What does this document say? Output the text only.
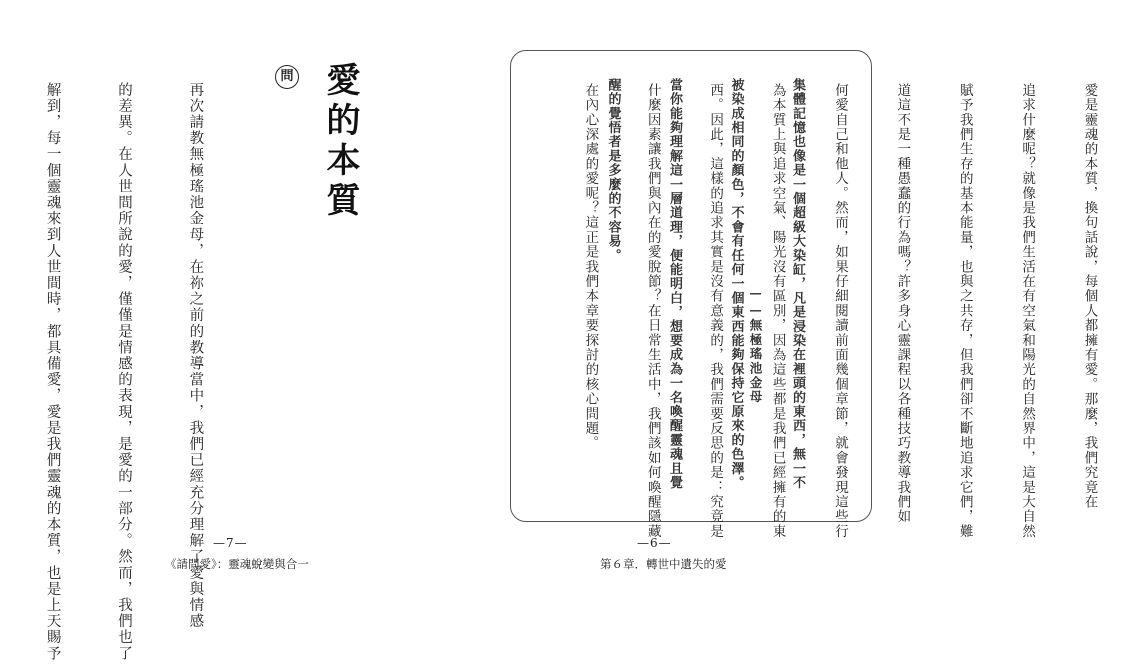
愛的本質
問

再次請教無極瑤池金母，在祢之前的教導當中，我們已經充分理解了愛與情感

的差異。在人世間所說的愛，僅僅是情感的表現，是愛的一部分。然而，我們也了

解到，每一個靈魂來到人世間時，都具備愛，愛是我們靈魂的本質，也是上天賜予

	—7—
《請問愛》：靈魂蛻變與合一

集體記憶也像是一個超級大染缸，凡是浸染在裡頭的東西，無一不

被染成相同的顏色，不會有任何一個東西能夠保持它原來的色澤。

當你能夠理解這一層道理，便能明白，想要成為一名喚醒靈魂且覺

醒的覺悟者是多麼的不容易。

——無極瑤池金母

	愛是靈魂的本質，換句話說，每個人都擁有愛。那麼，我們究竟在

追求什麼呢？就像是我們生活在有空氣和陽光的自然界中，這是大自然

賦予我們生存的基本能量，也與之共存，但我們卻不斷地追求它們，難

道這不是一種愚蠢的行為嗎？許多身心靈課程以各種技巧教導我們如

何愛自己和他人。然而，如果仔細閱讀前面幾個章節，就會發現這些行

為本質上與追求空氣、陽光沒有區別，因為這些都是我們已經擁有的東

西。因此，這樣的追求其實是沒有意義的，我們需要反思的是：究竟是

什麼因素讓我們與內在的愛脫節？在日常生活中，我們該如何喚醒隱藏

在內心深處的愛呢？這正是我們本章要探討的核心問題。

—6—
第６章．轉世中遺失的愛
